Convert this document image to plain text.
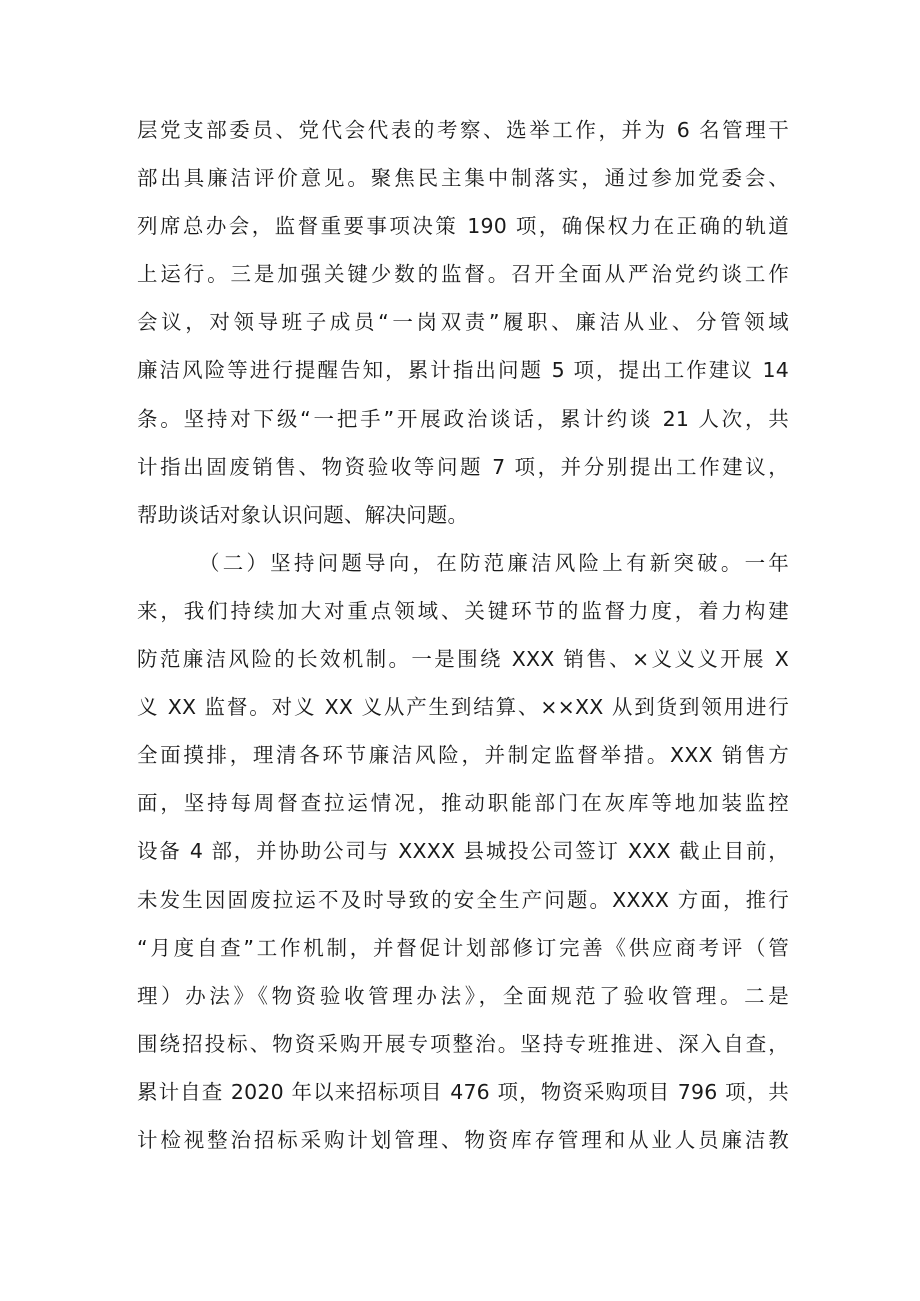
层党支部委员、党代会代表的考察、选举工作，并为 6 名管理干
部出具廉洁评价意见。聚焦民主集中制落实，通过参加党委会、
列席总办会，监督重要事项决策 190 项，确保权力在正确的轨道
上运行。三是加强关键少数的监督。召开全面从严治党约谈工作
会议，对领导班子成员“一岗双责”履职、廉洁从业、分管领域
廉洁风险等进行提醒告知，累计指出问题 5 项，提出工作建议 14
条。坚持对下级“一把手”开展政治谈话，累计约谈 21 人次，共
计指出固废销售、物资验收等问题 7 项，并分别提出工作建议，
帮助谈话对象认识问题、解决问题。
（二）坚持问题导向，在防范廉洁风险上有新突破。一年
来，我们持续加大对重点领域、关键环节的监督力度，着力构建
防范廉洁风险的长效机制。一是围绕 XXX 销售、×义义义开展 X
义 XX 监督。对义 XX 义从产生到结算、××XX 从到货到领用进行
全面摸排，理清各环节廉洁风险，并制定监督举措。XXX 销售方
面，坚持每周督查拉运情况，推动职能部门在灰库等地加装监控
设备 4 部，并协助公司与 XXXX 县城投公司签订 XXX 截止目前，
未发生因固废拉运不及时导致的安全生产问题。XXXX 方面，推行
“月度自查”工作机制，并督促计划部修订完善《供应商考评（管
理）办法》《物资验收管理办法》，全面规范了验收管理。二是
围绕招投标、物资采购开展专项整治。坚持专班推进、深入自查，
累计自查 2020 年以来招标项目 476 项，物资采购项目 796 项，共
计检视整治招标采购计划管理、物资库存管理和从业人员廉洁教
